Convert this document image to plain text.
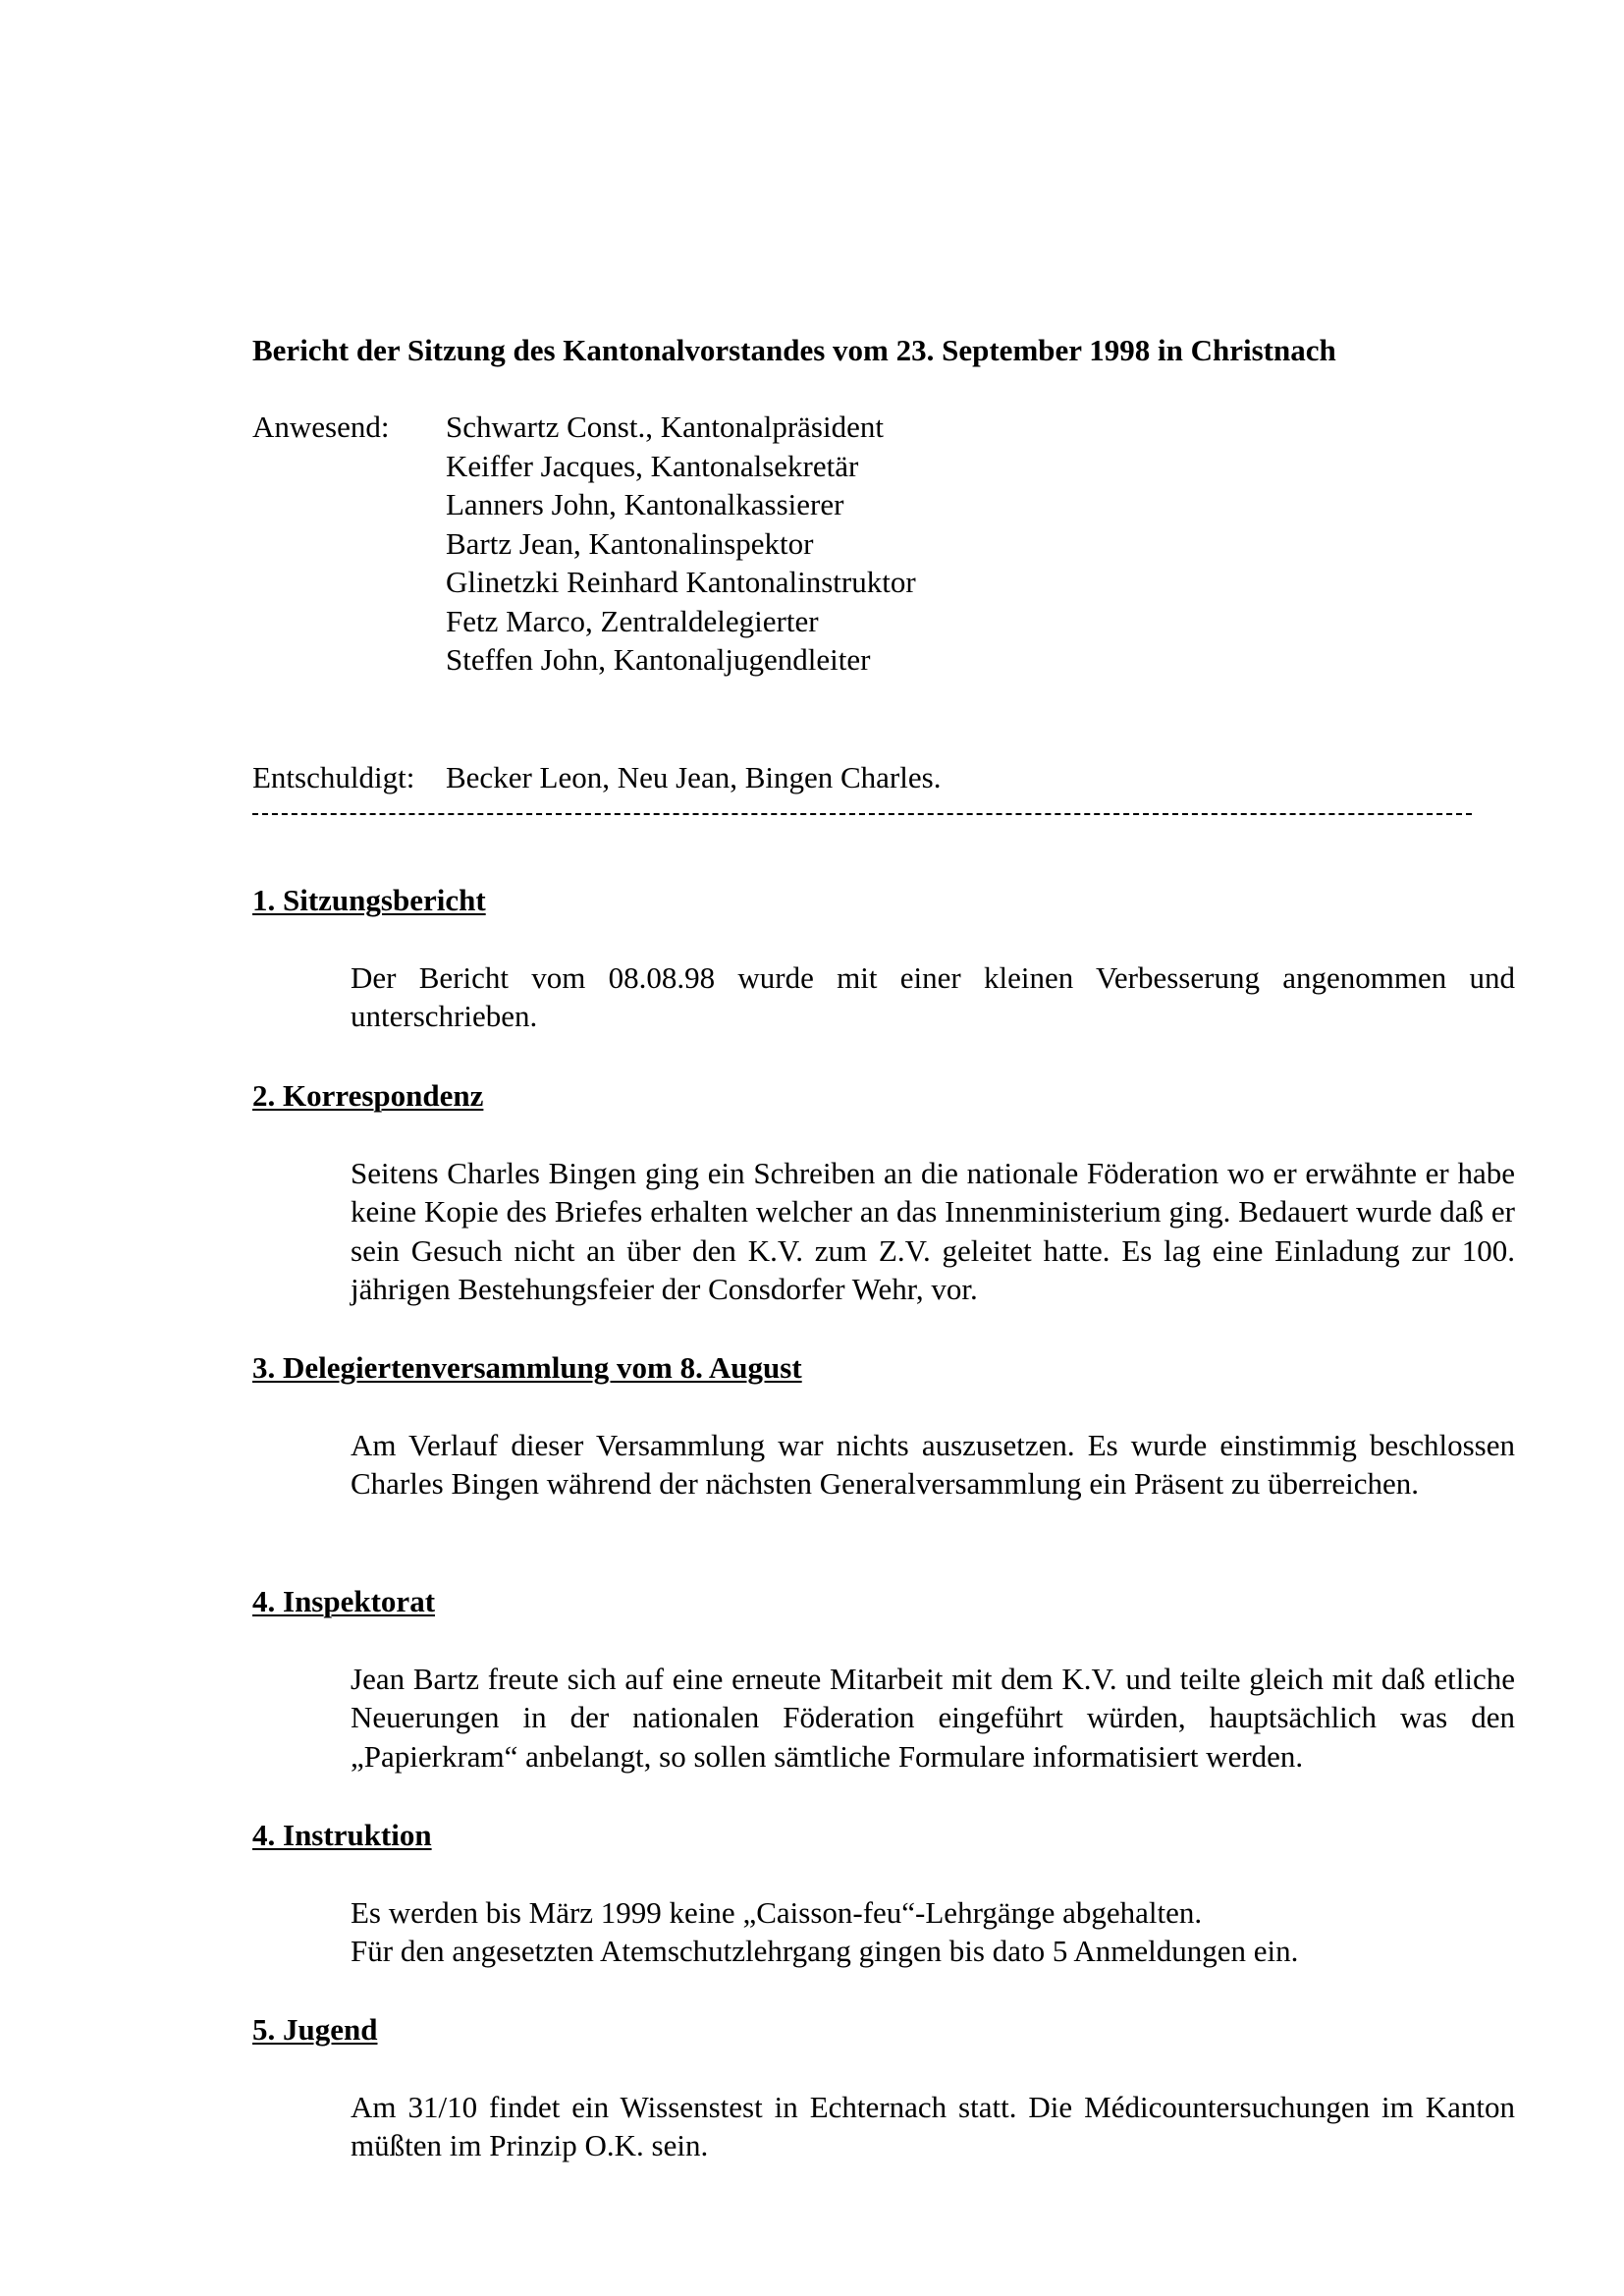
Bericht der Sitzung des Kantonalvorstandes vom 23. September 1998 in Christnach
Anwesend: Schwartz Const., Kantonalpräsident
Keiffer Jacques, Kantonalsekretär
Lanners John, Kantonalkassierer
Bartz Jean, Kantonalinspektor
Glinetzki Reinhard Kantonalinstruktor
Fetz Marco, Zentraldelegierter
Steffen John, Kantonaljugendleiter
Entschuldigt: Becker Leon, Neu Jean, Bingen Charles.
1. Sitzungsbericht

Der Bericht vom 08.08.98 wurde mit einer kleinen Verbesserung angenommen und unterschrieben.

2. Korrespondenz

Seitens Charles Bingen ging ein Schreiben an die nationale Föderation wo er erwähnte er habe keine Kopie des Briefes erhalten welcher an das Innenministerium ging. Bedauert wurde daß er sein Gesuch nicht an über den K.V. zum Z.V. geleitet hatte. Es lag eine Einladung zur 100. jährigen Bestehungsfeier der Consdorfer Wehr, vor.

3. Delegiertenversammlung vom 8. August

Am Verlauf dieser Versammlung war nichts auszusetzen. Es wurde einstimmig beschlossen Charles Bingen während der nächsten Generalversammlung ein Präsent zu überreichen.

4. Inspektorat

Jean Bartz freute sich auf eine erneute Mitarbeit mit dem K.V. und teilte gleich mit daß etliche Neuerungen in der nationalen Föderation eingeführt würden, hauptsächlich was den „Papierkram“ anbelangt, so sollen sämtliche Formulare informatisiert werden.

4. Instruktion

Es werden bis März 1999 keine „Caisson-feu“-Lehrgänge abgehalten.

Für den angesetzten Atemschutzlehrgang gingen bis dato 5 Anmeldungen ein.

5. Jugend

Am 31/10 findet ein Wissenstest in Echternach statt. Die Médicountersuchungen im Kanton müßten im Prinzip O.K. sein.
